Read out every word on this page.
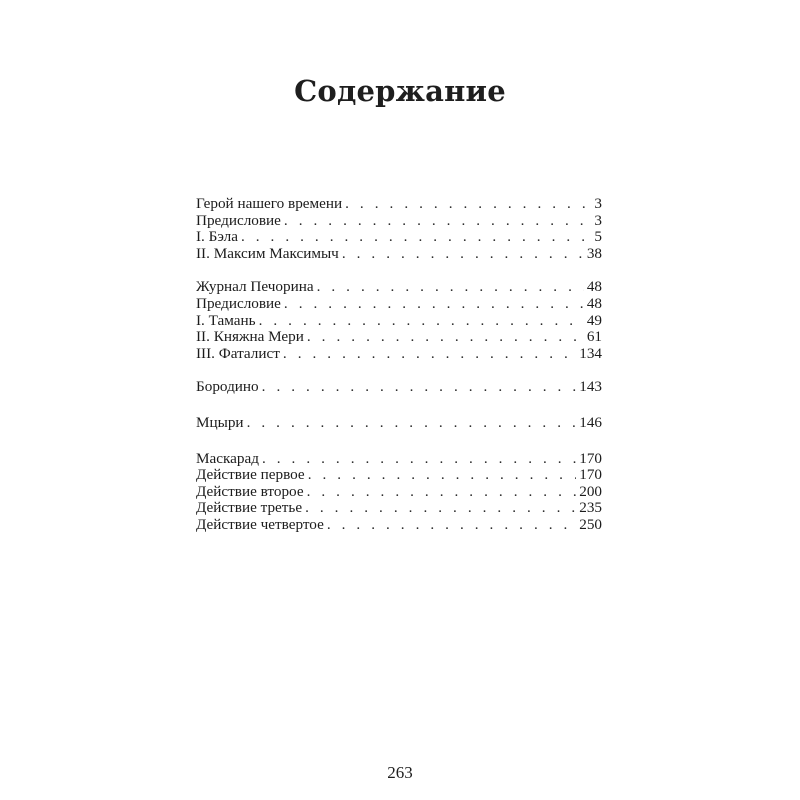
Содержание
Герой нашего времени . . .	3
Предисловие . . .	3
I. Бэла . . .	5
II. Максим Максимыч . . .	38
Журнал Печорина . . .	48
Предисловие . . .	48
I. Тамань . . .	49
II. Княжна Мери . . .	61
III. Фаталист . . .	134
Бородино . . .	143
Мцыри . . .	146
Маскарад . . .	170
Действие первое . . .	170
Действие второе . . .	200
Действие третье . . .	235
Действие четвертое . . .	250
263
